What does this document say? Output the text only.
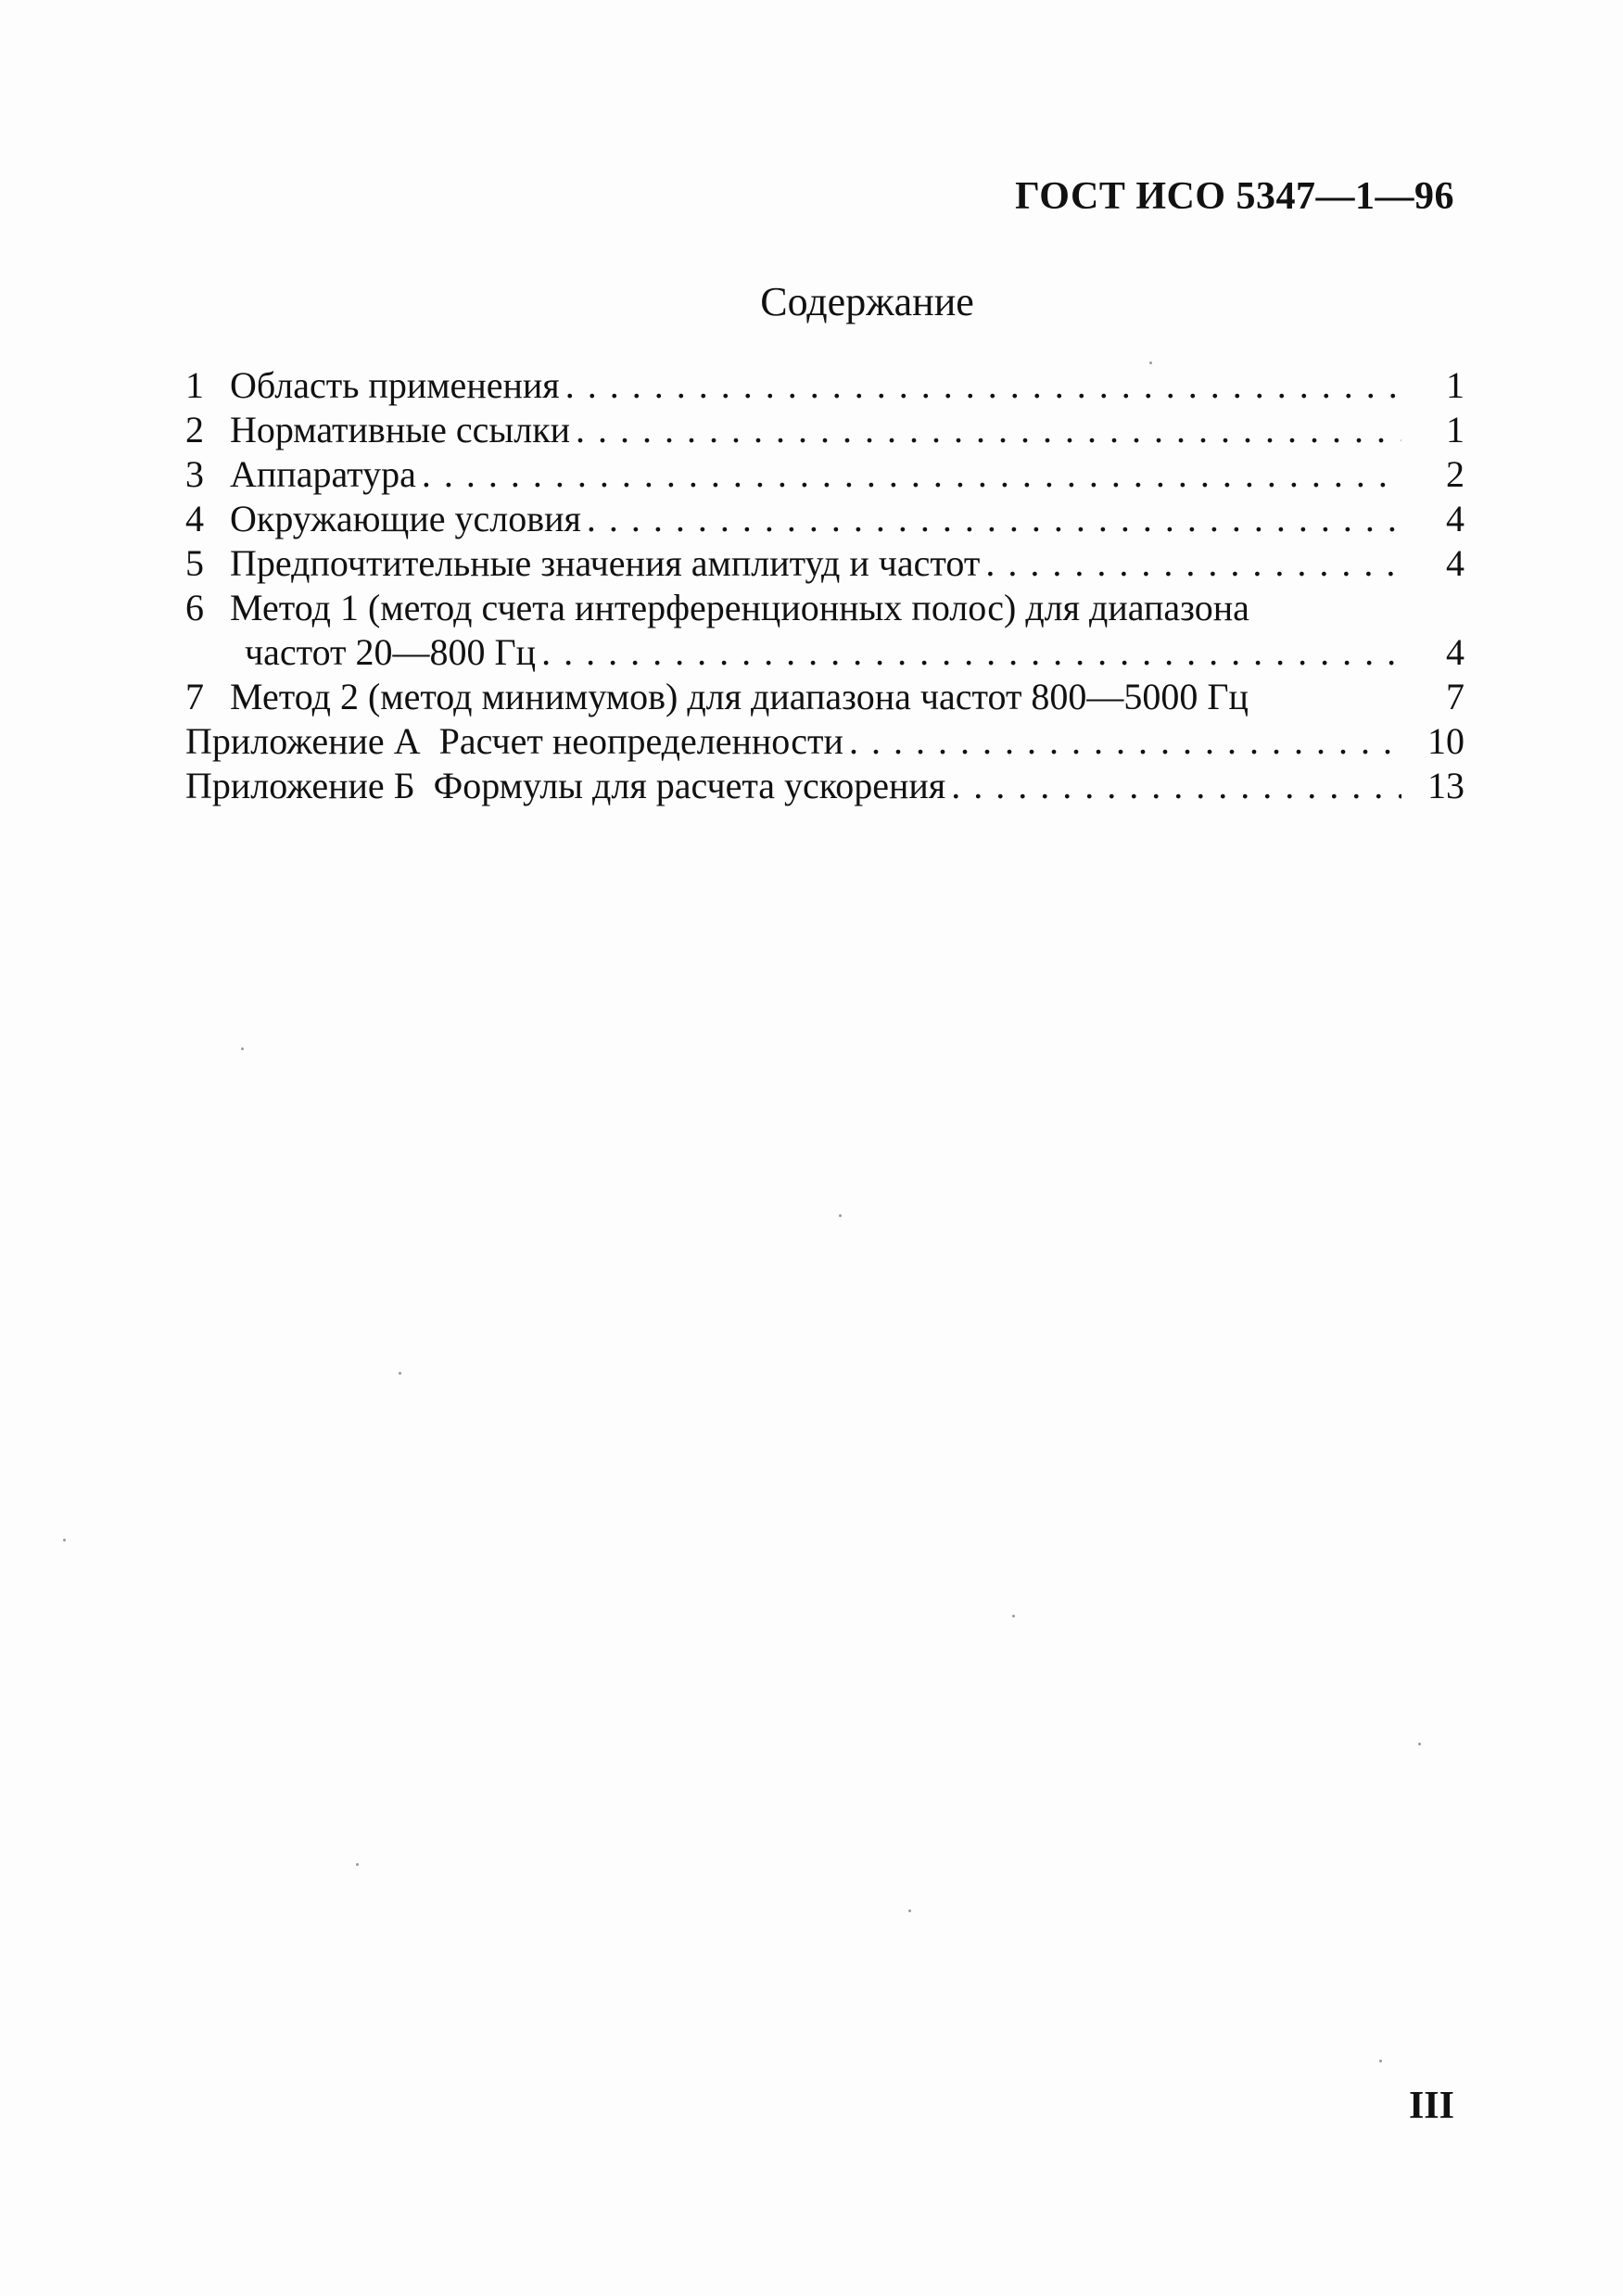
ГОСТ ИСО 5347—1—96
Содержание
1 Область применения . . .	1
2 Нормативные ссылки . . .	1
3 Аппаратура . . .	2
4 Окружающие условия . . .	4
5 Предпочтительные значения амплитуд и частот . . .	4
6 Метод 1 (метод счета интерференционных полос) для диапазона
частот 20—800 Гц . . .	4
7 Метод 2 (метод минимумов) для диапазона частот 800—5000 Гц	7
Приложение А  Расчет неопределенности . . .	10
Приложение Б  Формулы для расчета ускорения . . .	13
III
